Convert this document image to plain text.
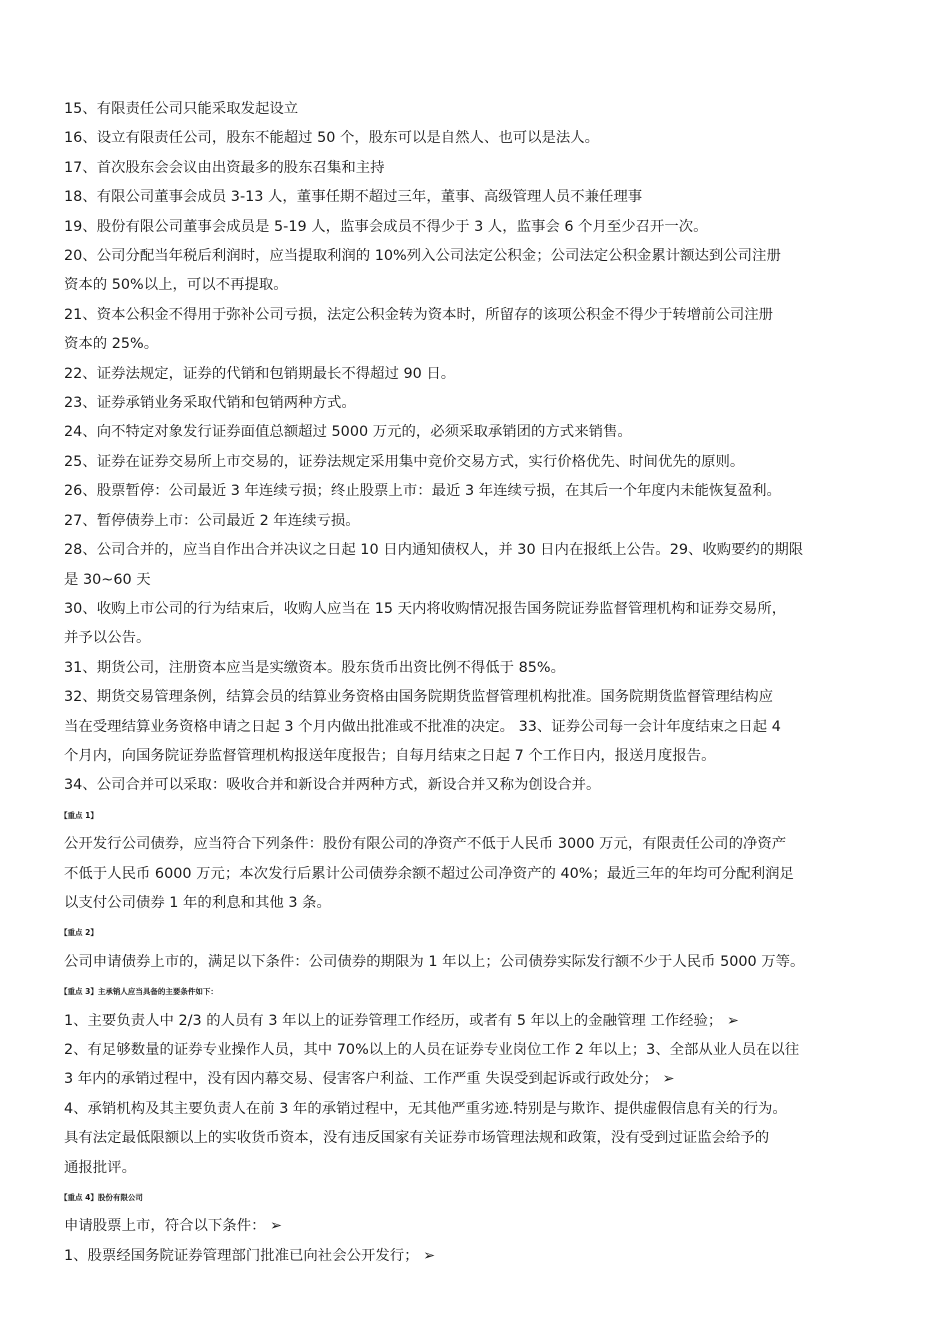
15、有限责任公司只能采取发起设立
16、设立有限责任公司，股东不能超过 50 个，股东可以是自然人、也可以是法人。
17、首次股东会会议由出资最多的股东召集和主持
18、有限公司董事会成员 3-13 人，董事任期不超过三年，董事、高级管理人员不兼任理事
19、股份有限公司董事会成员是 5-19 人，监事会成员不得少于 3 人，监事会 6 个月至少召开一次。
20、公司分配当年税后利润时，应当提取利润的 10%列入公司法定公积金；公司法定公积金累计额达到公司注册
资本的 50%以上，可以不再提取。
21、资本公积金不得用于弥补公司亏损，法定公积金转为资本时，所留存的该项公积金不得少于转增前公司注册
资本的 25%。
22、证券法规定，证券的代销和包销期最长不得超过 90 日。
23、证券承销业务采取代销和包销两种方式。
24、向不特定对象发行证券面值总额超过 5000 万元的，必须采取承销团的方式来销售。
25、证券在证券交易所上市交易的，证券法规定采用集中竞价交易方式，实行价格优先、时间优先的原则。
26、股票暂停：公司最近 3 年连续亏损；终止股票上市：最近 3 年连续亏损，在其后一个年度内未能恢复盈利。
27、暂停债券上市：公司最近 2 年连续亏损。
28、公司合并的，应当自作出合并决议之日起 10 日内通知债权人，并 30 日内在报纸上公告。29、收购要约的期限
是 30~60 天
30、收购上市公司的行为结束后，收购人应当在 15 天内将收购情况报告国务院证券监督管理机构和证券交易所，
并予以公告。
31、期货公司，注册资本应当是实缴资本。股东货币出资比例不得低于 85%。
32、期货交易管理条例，结算会员的结算业务资格由国务院期货监督管理机构批准。国务院期货监督管理结构应
当在受理结算业务资格申请之日起 3 个月内做出批准或不批准的决定。 33、证券公司每一会计年度结束之日起 4
个月内，向国务院证券监督管理机构报送年度报告；自每月结束之日起 7 个工作日内，报送月度报告。
34、公司合并可以采取：吸收合并和新设合并两种方式，新设合并又称为创设合并。
【重点 1】
公开发行公司债券，应当符合下列条件：股份有限公司的净资产不低于人民币 3000 万元，有限责任公司的净资产
不低于人民币 6000 万元；本次发行后累计公司债券余额不超过公司净资产的 40%；最近三年的年均可分配利润足
以支付公司债券 1 年的利息和其他 3 条。
【重点 2】
公司申请债券上市的，满足以下条件：公司债券的期限为 1 年以上；公司债券实际发行额不少于人民币 5000 万等。
【重点 3】主承销人应当具备的主要条件如下：
1、主要负责人中 2/3 的人员有 3 年以上的证券管理工作经历，或者有 5 年以上的金融管理 工作经验； ➢
2、有足够数量的证券专业操作人员，其中 70%以上的人员在证券专业岗位工作 2 年以上；3、全部从业人员在以往
3 年内的承销过程中，没有因内幕交易、侵害客户利益、工作严重 失误受到起诉或行政处分； ➢
4、承销机构及其主要负责人在前 3 年的承销过程中，无其他严重劣迹.特别是与欺诈、提供虚假信息有关的行为。
具有法定最低限额以上的实收货币资本，没有违反国家有关证券市场管理法规和政策，没有受到过证监会给予的
通报批评。
【重点 4】股份有限公司
申请股票上市，符合以下条件： ➢
1、股票经国务院证券管理部门批准已向社会公开发行； ➢
